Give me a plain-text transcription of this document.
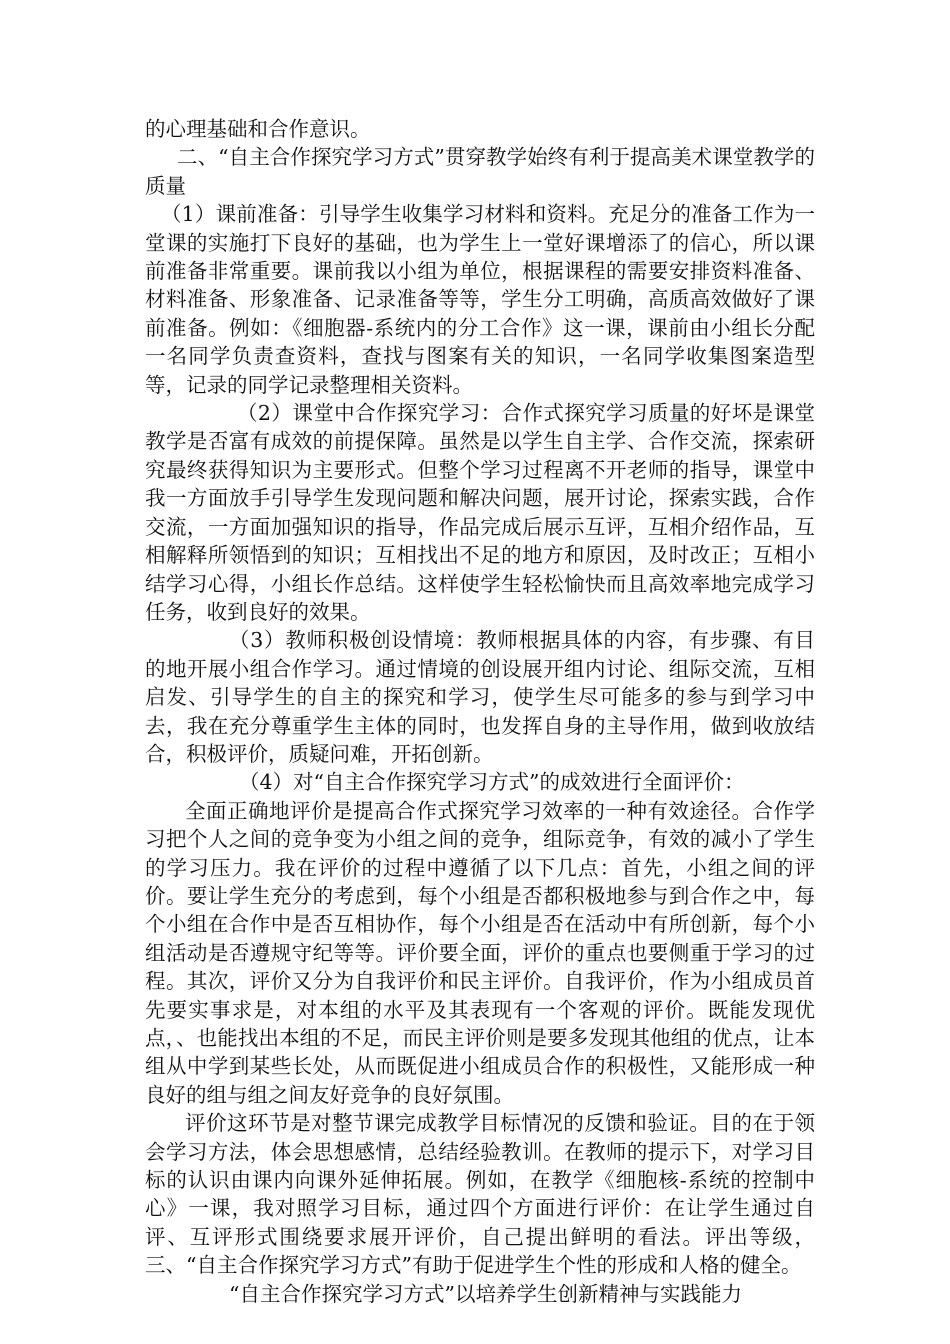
的心理基础和合作意识。

二、“自主合作探究学习方式”贯穿教学始终有利于提高美术课堂教学的质量

（1）课前准备：引导学生收集学习材料和资料。充足分的准备工作为一堂课的实施打下良好的基础，也为学生上一堂好课增添了的信心，所以课前准备非常重要。课前我以小组为单位，根据课程的需要安排资料准备、材料准备、形象准备、记录准备等等，学生分工明确，高质高效做好了课前准备。例如：《细胞器-系统内的分工合作》这一课，课前由小组长分配一名同学负责查资料，查找与图案有关的知识，一名同学收集图案造型等，记录的同学记录整理相关资料。

（2）课堂中合作探究学习：合作式探究学习质量的好坏是课堂教学是否富有成效的前提保障。虽然是以学生自主学、合作交流，探索研究最终获得知识为主要形式。但整个学习过程离不开老师的指导，课堂中我一方面放手引导学生发现问题和解决问题，展开讨论，探索实践，合作交流，一方面加强知识的指导，作品完成后展示互评，互相介绍作品，互相解释所领悟到的知识；互相找出不足的地方和原因，及时改正；互相小结学习心得，小组长作总结。这样使学生轻松愉快而且高效率地完成学习任务，收到良好的效果。

（3）教师积极创设情境：教师根据具体的内容，有步骤、有目的地开展小组合作学习。通过情境的创设展开组内讨论、组际交流，互相启发、引导学生的自主的探究和学习，使学生尽可能多的参与到学习中去，我在充分尊重学生主体的同时，也发挥自身的主导作用，做到收放结合，积极评价，质疑问难，开拓创新。

（4）对“自主合作探究学习方式”的成效进行全面评价：

全面正确地评价是提高合作式探究学习效率的一种有效途径。合作学习把个人之间的竞争变为小组之间的竞争，组际竞争，有效的减小了学生的学习压力。我在评价的过程中遵循了以下几点：首先，小组之间的评价。要让学生充分的考虑到，每个小组是否都积极地参与到合作之中，每个小组在合作中是否互相协作，每个小组是否在活动中有所创新，每个小组活动是否遵规守纪等等。评价要全面，评价的重点也要侧重于学习的过程。其次，评价又分为自我评价和民主评价。自我评价，作为小组成员首先要实事求是，对本组的水平及其表现有一个客观的评价。既能发现优点，、也能找出本组的不足，而民主评价则是要多发现其他组的优点，让本组从中学到某些长处，从而既促进小组成员合作的积极性，又能形成一种良好的组与组之间友好竞争的良好氛围。

评价这环节是对整节课完成教学目标情况的反馈和验证。目的在于领会学习方法，体会思想感情，总结经验教训。在教师的提示下，对学习目标的认识由课内向课外延伸拓展。例如，在教学《细胞核-系统的控制中心》一课，我对照学习目标，通过四个方面进行评价：在让学生通过自评、互评形式围绕要求展开评价，自己提出鲜明的看法。评出等级，三、“自主合作探究学习方式”有助于促进学生个性的形成和人格的健全。

“自主合作探究学习方式”以培养学生创新精神与实践能力
